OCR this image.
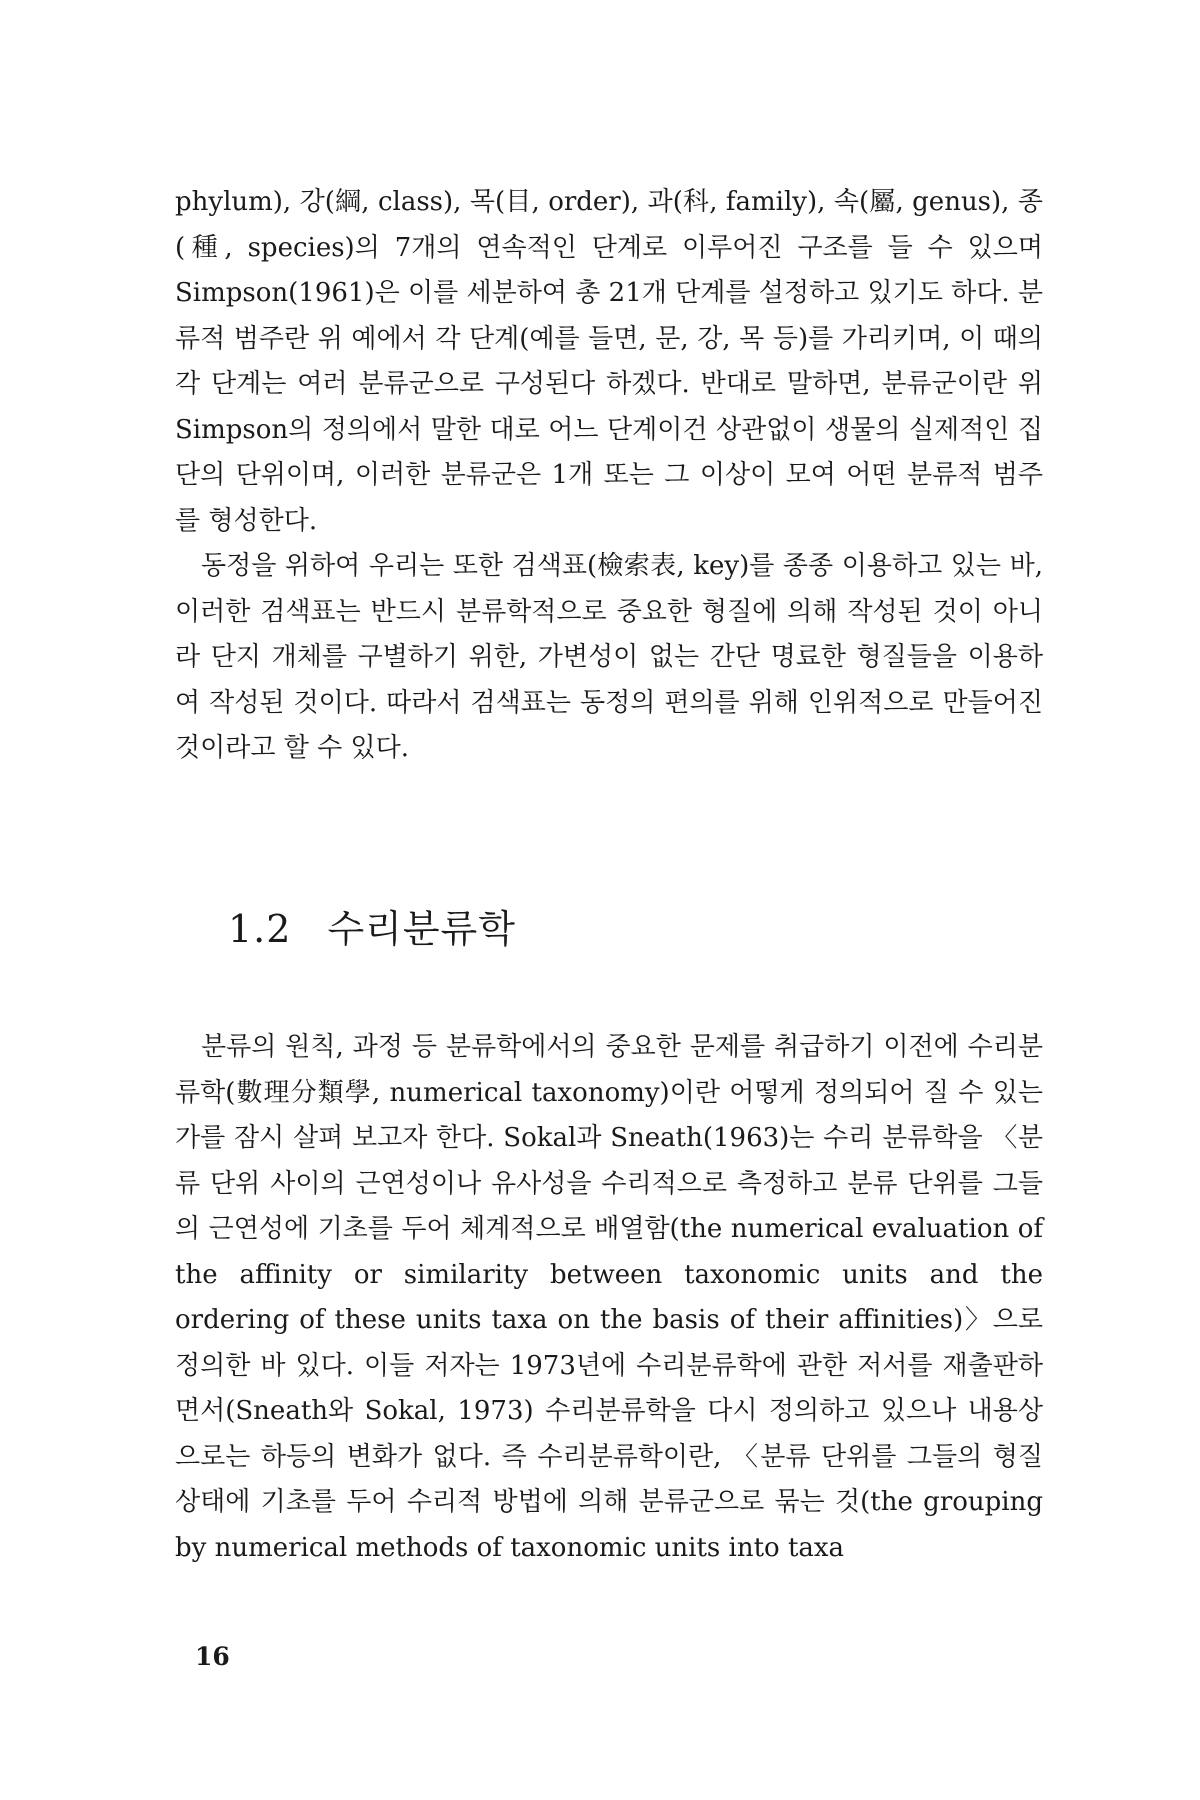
phylum), 강(綱, class), 목(目, order), 과(科, family), 속(屬, genus), 종(種, species)의 7개의 연속적인 단계로 이루어진 구조를 들 수 있으며 Simpson(1961)은 이를 세분하여 총 21개 단계를 설정하고 있기도 하다. 분류적 범주란 위 예에서 각 단계(예를 들면, 문, 강, 목 등)를 가리키며, 이 때의 각 단계는 여러 분류군으로 구성된다 하겠다. 반대로 말하면, 분류군이란 위 Simpson의 정의에서 말한 대로 어느 단계이건 상관없이 생물의 실제적인 집단의 단위이며, 이러한 분류군은 1개 또는 그 이상이 모여 어떤 분류적 범주를 형성한다.

동정을 위하여 우리는 또한 검색표(檢索表, key)를 종종 이용하고 있는 바, 이러한 검색표는 반드시 분류학적으로 중요한 형질에 의해 작성된 것이 아니라 단지 개체를 구별하기 위한, 가변성이 없는 간단 명료한 형질들을 이용하여 작성된 것이다. 따라서 검색표는 동정의 편의를 위해 인위적으로 만들어진 것이라고 할 수 있다.

1.2 수리분류학

분류의 원칙, 과정 등 분류학에서의 중요한 문제를 취급하기 이전에 수리분류학(數理分類學, numerical taxonomy)이란 어떻게 정의되어 질 수 있는 가를 잠시 살펴 보고자 한다. Sokal과 Sneath(1963)는 수리 분류학을 〈분류 단위 사이의 근연성이나 유사성을 수리적으로 측정하고 분류 단위를 그들의 근연성에 기초를 두어 체계적으로 배열함(the numerical evaluation of the affinity or similarity between taxonomic units and the ordering of these units taxa on the basis of their affinities)〉으로 정의한 바 있다. 이들 저자는 1973년에 수리분류학에 관한 저서를 재출판하면서(Sneath와 Sokal, 1973) 수리분류학을 다시 정의하고 있으나 내용상으로는 하등의 변화가 없다. 즉 수리분류학이란, 〈분류 단위를 그들의 형질 상태에 기초를 두어 수리적 방법에 의해 분류군으로 묶는 것(the grouping by numerical methods of taxonomic units into taxa

16
